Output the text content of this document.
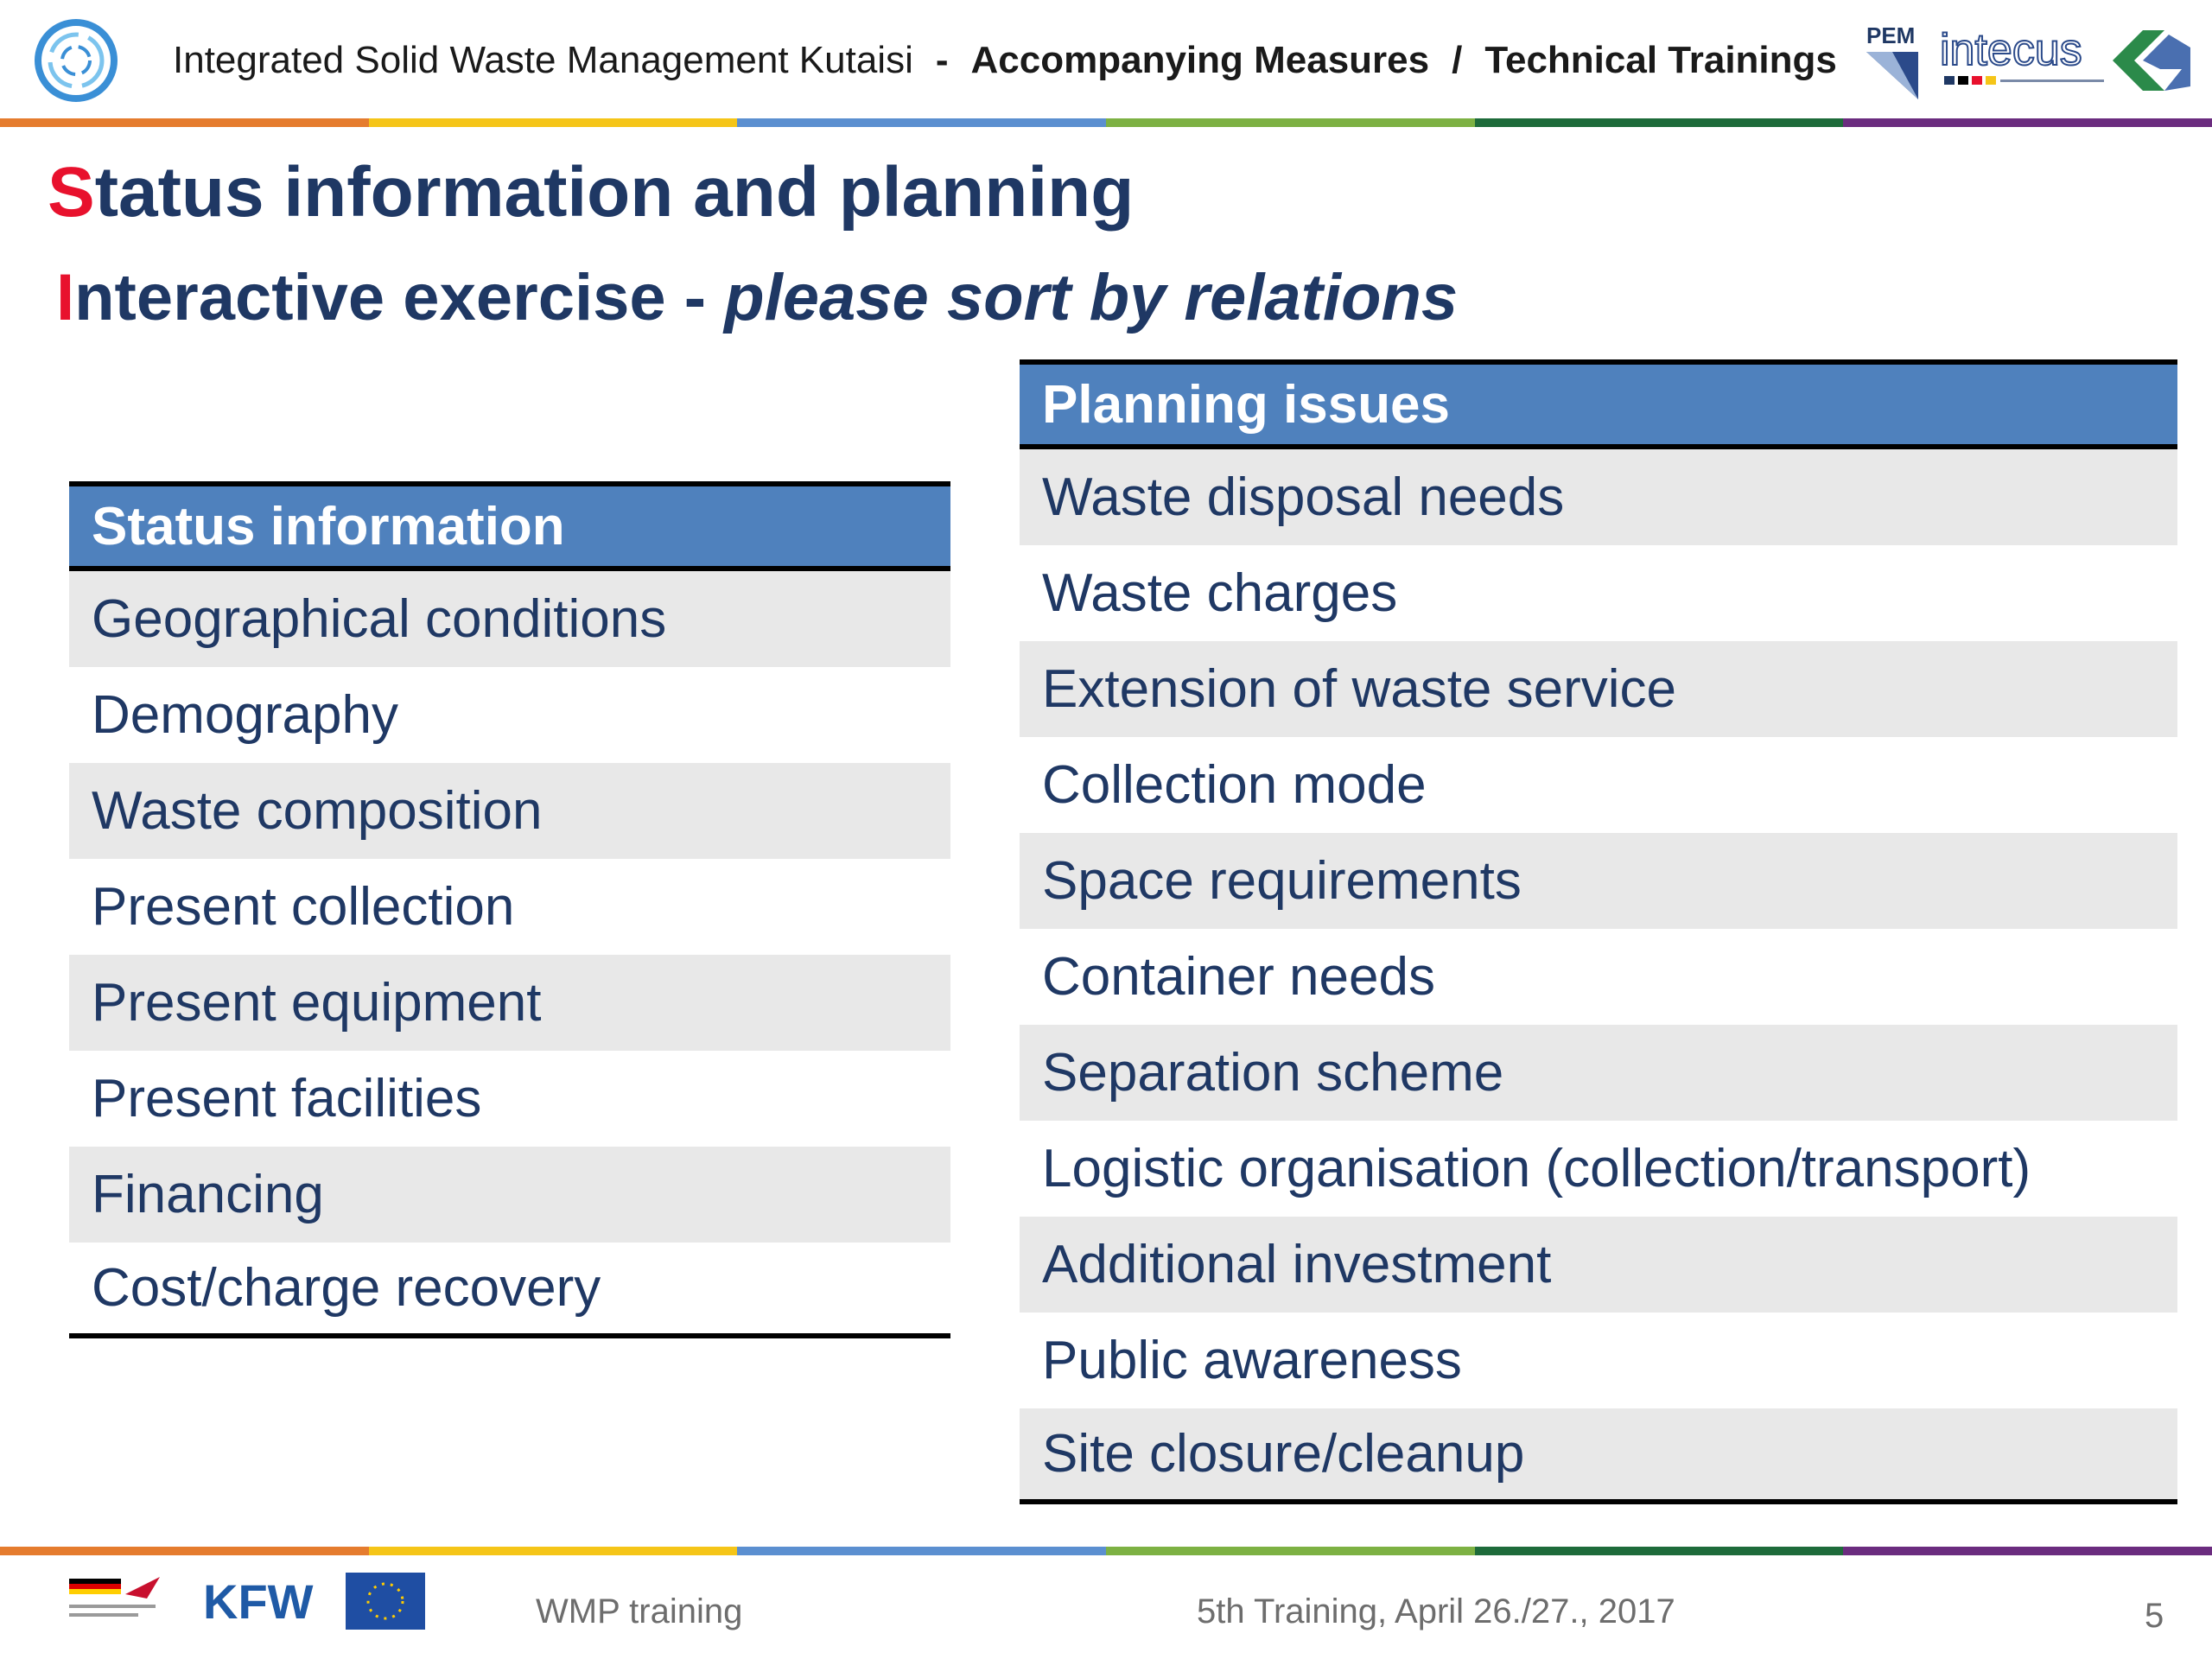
Integrated Solid Waste Management Kutaisi - Accompanying Measures / Technical Trainings
PEM intecus
Status information and planning
Interactive exercise - please sort by relations
Status information
Geographical conditions
Demography
Waste composition
Present collection
Present equipment
Present facilities
Financing
Cost/charge recovery
Planning issues
Waste disposal needs
Waste charges
Extension of waste service
Collection mode
Space requirements
Container needs
Separation scheme
Logistic organisation (collection/transport)
Additional investment
Public awareness
Site closure/cleanup
KFW	WMP training	5th Training, April 26./27., 2017	5
